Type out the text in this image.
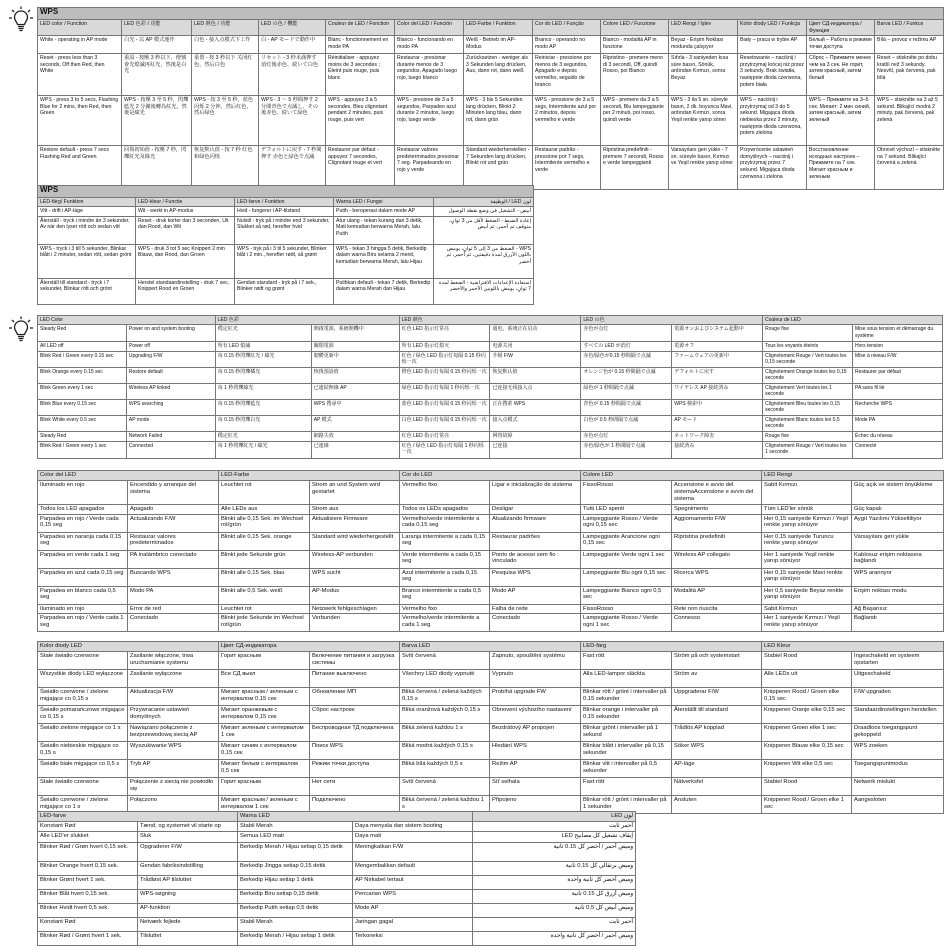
WPS												
LED color / Function	LED 色彩 / 功能	LED 颜色 / 功能	LED の色 / 機能	Couleur de LED / Fonction	Color del LED / Función	LED-Farbe / Funktion	Cor do LED / Função	Colore LED / Funzione	LED Rengi / İşlev	Kolor diody LED / Funkcja	Цвет СД-индикатора / Функция	Barva LED / Funkce
White - operating in AP mode	白光 - 以 AP 模式運作	白色 - 接入点模式下工作	白 - AP モードで動作中	Blanc - fonctionnement en mode PA	Blanco - funcionando en modo PA	Weiß - Betrieb im AP-Modus	Branco - operando no modo AP	Bianco - modalità AP in funzione	Beyaz - Erişim Noktası modunda çalışıyor	Biały – praca w trybie AP	Белый – Работа в режиме точки доступа	Bílá – provoz v režimu AP
Reset - press less than 3 seconds, Off then Red, then White	重設 - 按壓 3 秒以下，燈號會先熄滅再紅光，然後是白光	重置 - 按 3 秒以下 关闭红色，然后白色	リセット - 3 秒未満押す 消灯後赤色、続いて白色	Réinitialiser - appuyez moins de 3 secondes ; Éteint puis rouge, puis blanc	Restaurar - presionar durante menos de 3 segundos, Apagado luego rojo, luego blanco	Zurücksetzen - weniger als 3 Sekunden lang drücken, Aus, dann rot, dann weiß	Reiniciar - pressione por menos de 3 segundos, Apagado e depois vermelho, seguido de branco	Ripristino - premere meno di 3 secondi, Off, quindi Rosso, poi Bianco	Sıfırla - 3 saniyeden kısa süre basın, Sönük, ardından Kırmızı, sonra Beyaz	Resetowanie – naciśnij i przytrzymaj krócej niż przez 3 sekundy. Brak światła, następnie dioda czerwona, potem biała	Сброс – Прижмите менее чем на 3 сек. Не горит, затем красный, затем белый	Reset – stiskněte po dobu kratší než 3 sekundy. Nesvítí, pak červená, pak bílá
WPS - press 3 to 5 secs, Flashing Blue for 2 mins, then Red, then Green	WPS - 按壓 3 至 5 秒，閃爍藍光 2 分鐘後轉為紅光，然後是綠光	WPS - 按 3 至 5 秒，蓝色闪烁 2 分钟，然后红色，然后绿色	WPS - 3 〜 5 秒間押す 2 分間青色で点滅し、その後赤色、続いて緑色	WPS - appuyez 3 à 5 secondes, Bleu clignotant pendant 2 minutes, puis rouge, puis vert	WPS - presione de 3 a 5 segundos, Parpadeo azul durante 2 minutos, luego rojo, luego verde	WPS - 3 bis 5 Sekunden lang drücken, Blinkt 2 Minuten lang blau, dann rot, dann grün	WPS - pressione de 3 a 5 segs, Intermitente azul por 2 minutos, depois vermelho e verde	WPS - premere da 3 a 5 secondi, Blu lampeggiante per 2 minuti, poi rosso, quindi verde	WPS - 3 ila 5 sn. süreyle basın, 2 dk. boyunca Mavi, ardından Kırmızı, sonra Yeşil renkte yanıp söner	WPS – naciśnij i przytrzymaj od 3 do 5 sekund. Migająca dioda niebieska przez 2 minuty, następnie dioda czerwona, potem zielona	WPS – Прижмите на 3–5 сек. Мигает: 2 мин синий, затем красный, затем зеленый	WPS – stiskněte na 3 až 5 sekund. Blikající modrá 2 minuty, pak červená, pak zelená
Restore default - press 7 secs Flashing Red and Green	回復初始值 - 按壓 7 秒，閃爍紅光及綠光	恢复默认值 - 按 7 秒 红色和绿色闪烁	デフォルトに戻す - 7 秒間押す 赤色と緑色で点滅	Restaurer par défaut - appuyez 7 secondes, Clignotant rouge et vert	Restaurar valores predeterminados presionar 7 seg. Parpadeando en rojo y verde	Standard wiederherstellen - 7 Sekunden lang drücken, Blinkt rot und grün	Restaurar padrão - pressione por 7 segs, Intermitente vermelho e verde	Ripristina predefiniti - premere 7 secondi, Rosso e verde lampeggianti	Varsayılanı geri yükle - 7 sn. süreyle basın, Kırmızı ve Yeşil renkte yanıp söner	Przywrócenie ustawień domyślnych – naciśnij i przytrzymaj przez 7 sekund. Migająca dioda czerwona i zielona	Восстановление исходных настроек – Прижмите на 7 сек. Мигает красным и зеленым	Obnovit výchozí – stiskněte na 7 sekund, Blikající červená a zelená
WPS				
LED-färg/ Funktion	LED-kleur / Functie	LED-farve / Funktion	Warna LED / Fungsi	لون LED / الوظيفة
Vitt - drift i AP-läge	Wit - werkt in AP-modus	Hvid - fungerer i AP-tilstand	Putih - beroperasi dalam mode AP	أبيض - التشغيل في وضع نقطة الوصول
Återställ - tryck i mindre än 3 sekunder, Av när den lyser rött och sedan vitt	Reset - druk korter dan 3 seconden, Uit dan Rood, dan Wit	Nulstil - tryk på i mindre end 3 sekunder, Slukket så rød, herefter hvid	Atur ulang - tekan kurang dari 3 detik, Mati kemudian berwarna Merah, lalu Putih	إعادة الضبط - الضغط لأقل من 3 ثوانٍ، متوقف ثم أحمر، ثم أبيض
WPS - tryck i 3 till 5 sekunder, Blinkar blått i 2 minuter, sedan rött, sedan grönt	WPS - druk 3 tot 5 sec Knippert 2 min Blauw, dan Rood, dan Groen	WPS - tryk på i 3 til 5 sekunder, Blinker blåt i 2 min., herefter rødt, så grønt	WPS - tekan 3 hingga 5 detik, Berkedip dalam warna Biru selama 2 menit, kemudian berwarna Merah, lalu Hijau	WPS - الضغط من 3 إلى 5 ثوانٍ، يومض باللون الأزرق لمدة دقيقتين، ثم أحمر، ثم أخضر
Återställ till standard - tryck i 7 sekunder, Blinkar rött och grönt	Herstel standaardinstelling - druk 7 sec, Knippert Rood en Groen	Gendan standard - tryk på i 7 sek., Blinker rødt og grønt	Pulihkan default - tekan 7 detik, Berkedip dalam warna Merah dan Hijau	استعادة الإعدادات الافتراضية - الضغط لمدة 7 ثوانٍ، يومض باللونين الأحمر والأخضر
LED Color		LED 色彩		LED 颜色		LED の色		Couleur de LED	
Steady Red	Power on and system booting	穩定紅光	開啟電源，系統開機中	红色 LED 指示灯常亮	通电，系统正在启动	赤色が点灯	電源オンおよびシステム起動中	Rouge fixe	Mise sous tension et démarrage du système
All LED off	Power off	所有 LED 熄滅	關閉電源	所有 LED 指示灯熄灭	电源关闭	すべての LED が消灯	電源オフ	Tous les voyants éteints	Hors tension
Blink Red / Green every 0.15 sec	Upgrading F/W	每 0.15 秒閃爍紅光 / 綠光	韌體更新中	红色 / 绿色 LED 指示灯每隔 0.15 秒闪烁一次	升级 F/W	赤色/緑色が0.15 秒間隔で点滅	ファームウェアの更新中	Clignotement Rouge / Vert toutes les 0,15 seconde	Mise à niveau F/W
Blink Orange every 0.15 sec	Restore default	每 0.15 秒閃爍橘光	恢復預設值	橙色 LED 指示灯每隔 0.15 秒闪烁一次	恢复默认值	オレンジ色が 0.15 秒間隔で点滅	デフォルトに戻す	Clignotement Orange toutes les 0,15 seconde	Restaurer par défaut
Blink Green every 1 sec	Wireless AP linked	每 1 秒閃爍綠光	已連結無線 AP	绿色 LED 指示灯每隔 1 秒闪烁一次	已连接无线接入点	緑色が 1 秒間隔で点滅	ワイヤレス AP 接続済み	Clignotement Vert toutes les 1 seconde	PA sans fil lié
Blink Blue every 0.15 sec	WPS searching	每 0.15 秒閃爍藍光	WPS 搜尋中	蓝色 LED 指示灯每隔 0.15 秒闪烁一次	正在搜索 WPS	青色が 0.15 秒間隔で点滅	WPS 検索中	Clignotement Bleu toutes les 0,15 seconde	Recherche WPS
Blink White every 0.5 sec	AP mode	每 0.15 秒閃爍白光	AP 模式	白色 LED 指示灯每隔 0.15 秒闪烁一次	接入点模式	白色が 0.5 秒間隔で点滅	AP モード	Clignotement Blanc toutes les 0,5 seconde	Mode PA
Steady Red	Network Failed	穩定紅光	網路失效	红色 LED 指示灯常亮	网络故障	赤色が点灯	ネットワーク障害	Rouge fixe	Échec du réseau
Blink Red / Green every 1 sec	Connected	每 1 秒閃爍紅光 / 綠光	已連線	红色 / 绿色 LED 指示灯每隔 1 秒闪烁一次	已连接	赤色/緑色が 1 秒間隔で点滅	接続済み	Clignotement Rouge / Vert toutes les 1 seconde	Connecté
Color del LED		LED-Farbe		Cor do LED		Colore LED		LED Rengi	
Iluminado en rojo	Encendido y arranque del sistema	Leuchtet rot	Strom an und System wird gestartet	Vermelho fixo	Ligar e inicialização de sistema	FissoRosso	Accensione e avvio del sistemaAccensione e avvio del sistema	Sabit Kırmızı	Güç açık ve sistem önyükleme
Todos los LED apagados	Apagado	Alle LEDs aus	Strom aus	Todos os LEDs apagados	Desligar	Tutti LED spenti	Spegnimento	Tüm LED'ler sönük	Güç kapalı
Parpadea en rojo / Verde cada 0,15 seg	Actualizando F/W	Blinkt alle 0,15 Sek. im Wechsel rot/grün	Aktualisiere Firmware	Vermelho/verde intermitente a cada 0,15 seg	Atualizando firmware	Lampeggiante Rosso / Verde ogni 0,15 sec	Aggiornamento F/W	Her 0,15 saniyede Kırmızı / Yeşil renkte yanıp sönüyor	Aygıt Yazılımı Yükseltiliyor
Parpadea en naranja cada 0,15 seg	Restaurar valores predeterminados	Blinkt alle 0,15 Sek. orange	Standard wird wiederhergestellt	Laranja intermitente a cada 0,15 seg	Restaurar padrões	Lampeggiante Arancione ogni 0,15 sec	Ripristina predefiniti	Her 0,15 saniyede Turuncu renkte yanıp sönüyor	Varsayılanı geri yükle
Parpadea en verde cada 1 seg	PA inalámbrico conectado	Blinkt jede Sekunde grün	Wireless-AP verbunden	Verde intermitente a cada 0,15 seg	Ponto de acesso sem fio vinculado	Lampeggiante Verde ogni 1 sec	Wireless AP collegato	Her 1 saniyede Yeşil renkte yanıp sönüyor	Kablosuz erişim noktasına bağlandı
Parpadea en azul cada 0,15 seg	Buscando WPS	Blinkt alle 0,15 Sek. blau	WPS sucht	Azul intermitente a cada 0,15 seg	Pesquisa WPS	Lampeggiante Blu ogni 0,15 sec	Ricerca WPS	Her 0,15 saniyede Mavi renkte yanıp sönüyor	WPS arannyor
Parpadea en blanco cada 0,5 seg	Modo PA	Blinkt alle 0,5 Sek. weiß	AP-Modus	Branco intermitente a cada 0,5 seg	Modo AP	Lampeggiante Bianco ogni 0,5 sec	Modalità AP	Her 0,5 saniyede Beyaz renkte yanıp sönüyor	Erişim noktası modu
Iluminado en rojo	Error de red	Leuchtet rot	Netzwerk fehlgeschlagen	Vermelho fixo	Falha de rede	FissoRosso	Rete non riuscita	Sabit Kırmızı	Ağ Başarısız
Parpadea en rojo / Verde cada 1 seg	Conectado	Blinkt jede Sekunde im Wechsel rot/grün	Verbunden	Vermelho/verde intermitente a cada 1 seg	Conectado	Lampeggiante Rosso / Verde ogni 1 sec	Connesso	Her 1 saniyede Kırmızı / Yeşil renkte yanıp sönüyor	Bağlandı
Kolor diody LED		Цвет СД-индикатора		Barva LED		LED-färg		LED Kleur	
Stałe światło czerwone	Zasilanie włączone, trwa uruchamianie systemu	Горит красным	Включение питания и загрузка системы	Svítí červená	Zapnuto, spouštění systému	Fast rött	Ström på och systemstart	Stabiel Rood	Ingeschakeld en systeem opstarten
Wszystkie diody LED wyłączone	Zasilanie wyłączone	Все СД выкл	Питание выключено	Všechny LED diody vypnuté	Vypnuto	Alla LED-lampor släckta	Ström av	Alle LEDs uit	Uitgeschakeld
Światło czerwone / zielone migające co 0,15 s	Aktualizacja F/W	Мигает красным / зеленым с интервалом 0,15 сек	Обновление МП	Bliká červená / zelená každých 0,15 s	Probíhá upgrade FW	Blinkar rött / grönt i intervaller på 0,15 sekunder	Uppgraderar F/W	Knipperen Rood / Groen elke 0,15 sec	F/W upgraden
Światło pomarańczowe migające co 0,15 s	Przywracanie ustawień domyślnych	Мигает оранжевым с интервалом 0,15 сек	Сброс настроек	Bliká oranžová každých 0,15 s	Obnovení výchozího nastavení	Blinkar orange i intervaller på 0,15 sekunder	Återställt till standard	Knipperen Oranje elke 0,15 sec	Standaardinstellingen herstellen
Światło zielone migające co 1 s	Nawiązano połączenie z bezprzewodową siecią AP	Мигает зеленым с интервалом 1 сек	Беспроводная ТД подключена	Bliká zelená každou 1 s	Bezdrátový AP propojen	Blinkar grönt i intervaller på 1 sekund	Trådlös AP kopplad	Knipperen Groen elke 1 sec	Draadloos toegangspunt gekoppeld
Światło niebieskie migające co 0,15 s	Wyszukiwanie WPS	Мигает синим с интервалом 0,15 сек	Поиск WPS	Bliká modrá každých 0,15 s	Hledání WPS	Blinkar blått i intervaller på 0,15 sekunder	Söker WPS	Knipperen Blauw elke 0,15 sec	WPS zoeken
Światło białe migające co 0,5 s	Tryb AP	Мигает белым с интервалом 0,5 сек	Режим точки доступа	Bliká bílá každých 0,5 s	Režim AP	Blinkar vitt i intervaller på 0,5 sekunder	AP-läge	Knipperen Wit elke 0,5 sec	Toegangspuntmodus
Stałe światło czerwone	Połączenie z siecią nie powiodło się	Горит красным	Нет сети	Svítí červená	Síť selhala	Fast rött	Nätverksfel	Stabiel Rood	Netwerk mislukt
Światło czerwone / zielone migające co 1 s	Połączono	Мигает красным / зеленым с интервалом 1 сек	Подключено	Bliká červená / zelená každou 1 s	Připojeno	Blinkar rött / grönt i intervaller på 1 sekunder	Ansluten	Knipperen Rood / Groen elke 1 sec	Aangesloten
LED-farve		Warna LED		لون LED
Konstant Rød	Tænd, og systemet vil starte op	Stabil Merah	Daya menyala dan sistem booting	أحمر ثابت
Alle LED'er slukket	Sluk	Semua LED mati	Daya mati	إيقاف تشغيل كل مصابيح LED
Blinker Rød / Grøn hvert 0,15 sek.	Opgraderer F/W	Berkedip Merah / Hijau setiap 0,15 detik	Meningkatkan F/W	وميض أحمر / أخضر كل 0.15 ثانية
Blinker Orange hvert 0,15 sek.	Gendan fabriksindstilling	Berkedip Jingga setiap 0,15 detik	Mengembalikan default	وميض برتقالي كل 0.15 ثانية
Blinker Grønt hvert 1 sek.	Trådløst AP tilsluttet	Berkedip Hijau setiap 1 detik	AP Nirkabel tertaut	وميض أخضر كل ثانية واحدة
Blinker Blåt hvert 0,15 sek.	WPS-søgning	Berkedip Biru setiap 0,15 detik	Pencarian WPS	وميض أزرق كل 0.15 ثانية
Blinker Hvidt hvert 0,5 sek.	AP-funktion	Berkedip Putih setiap 0,5 detik	Mode AP	وميض أبيض كل 0.5 ثانية
Konstant Rød	Netværk fejlede	Stabil Merah	Jaringan gagal	أحمر ثابت
Blinker Rød / Grønt hvert 1 sek.	Tilsluttet	Berkedip Merah / Hijau setiap 1 detik	Terkoneksi	وميض أحمر / أخضر كل ثانية واحدة
